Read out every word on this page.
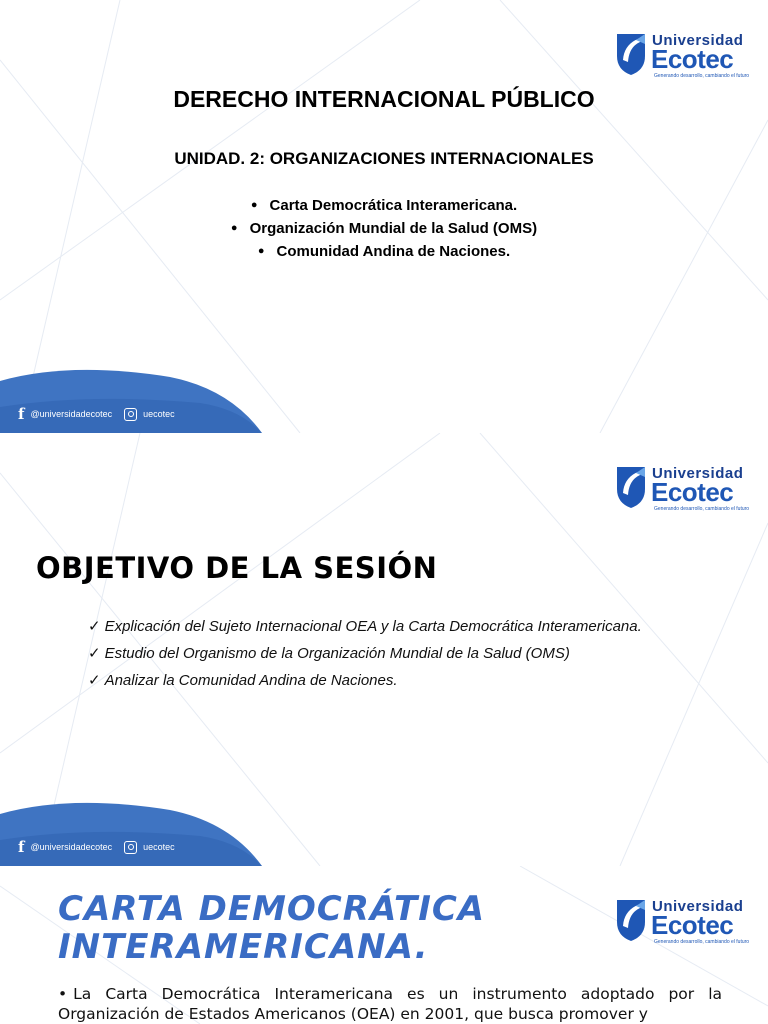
Universidad
Ecotec
Generando desarrollo, cambiando el futuro
DERECHO INTERNACIONAL PÚBLICO
UNIDAD. 2: ORGANIZACIONES INTERNACIONALES
● Carta Democrática Interamericana.
● Organización Mundial de la Salud (OMS)
● Comunidad Andina de Naciones.
f @universidadecotec	uecotec
Universidad
Ecotec
Generando desarrollo, cambiando el futuro
OBJETIVO DE LA SESIÓN
✓ Explicación del Sujeto Internacional OEA y la Carta Democrática Interamericana.
✓ Estudio del Organismo de la Organización Mundial de la Salud (OMS)
✓ Analizar la Comunidad Andina de Naciones.
f @universidadecotec	uecotec
Universidad
Ecotec
Generando desarrollo, cambiando el futuro
CARTA DEMOCRÁTICA
INTERAMERICANA.

• La Carta Democrática Interamericana es un instrumento adoptado por la Organización de Estados Americanos (OEA) en 2001, que busca promover y
